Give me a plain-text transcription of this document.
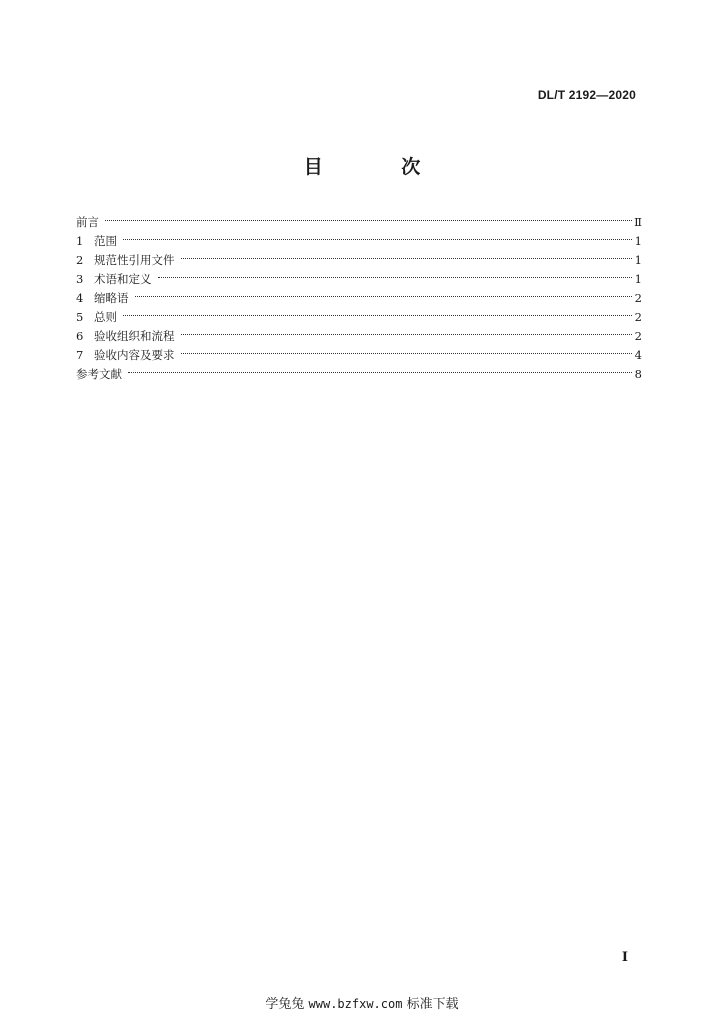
DL/T 2192—2020
目 次
前言	Ⅱ
1 范围	1
2 规范性引用文件	1
3 术语和定义	1
4 缩略语	2
5 总则	2
6 验收组织和流程	2
7 验收内容及要求	4
参考文献	8
I
学兔兔 www.bzfxw.com 标准下载
